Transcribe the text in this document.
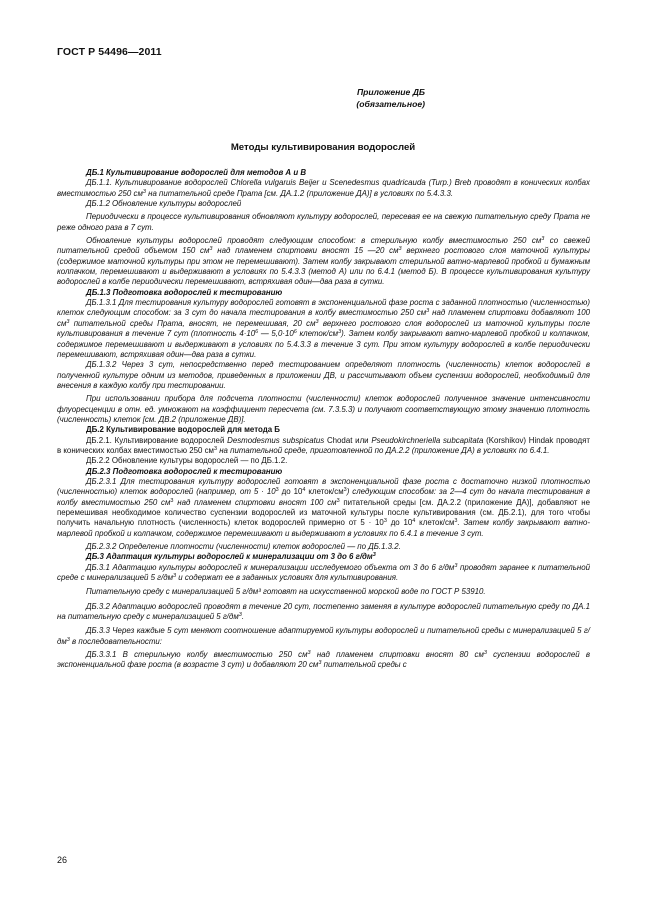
ГОСТ Р 54496—2011
Приложение ДБ
(обязательное)
Методы культивирования водорослей

ДБ.1 Культивирование водорослей для методов А и В

ДБ.1.1. Культивирование водорослей Chlorella vulgaruis Beijer и Scenedesmus quadricauda (Turp.) Breb проводят в конических колбах вместимостью 250 $см^3$ на питательной среде Прата [см. ДА.1.2 (приложение ДА)] в условиях по 5.4.3.3.

ДБ.1.2 Обновление культуры водорослей

Периодически в процессе культивирования обновляют культуру водорослей, пересевая ее на свежую питательную среду Прата не реже одного раза в 7 сут.

Обновление культуры водорослей проводят следующим способом: в стерильную колбу вместимостью 250 $см^3$ со свежей питательной средой объемом 150 $см^3$ над пламенем спиртовки вносят 15 —20 $см^3$ верхнего ростового слоя маточной культуры (содержимое маточной культуры при этом не перемешивают). Затем колбу закрывают стерильной ватно-марлевой пробкой и бумажным колпачком, перемешивают и выдерживают в условиях по 5.4.3.3 (метод А) или по 6.4.1 (метод Б). В процессе культивирования культуру водорослей в колбе периодически перемешивают, встряхивая один—два раза в сутки.

ДБ.1.3 Подготовка водорослей к тестированию

ДБ.1.3.1 Для тестирования культуру водорослей готовят в экспоненциальной фазе роста с заданной плотностью (численностью) клеток следующим способом: за 3 сут до начала тестирования в колбу вместимостью 250 $см^3$ над пламенем спиртовки добавляют 100 $см^3$ питательной среды Прата, вносят, не перемешивая, 20 $см^3$ верхнего ростового слоя водорослей из маточной культуры после культивирования в течение 7 сут (плотность $4\cdot 10^6$ — $5,0\cdot 10^6$ клеток/$см^3$). Затем колбу закрывают ватно-марлевой пробкой и колпачком, содержимое перемешивают и выдерживают в условиях по 5.4.3.3 в течение 3 сут. При этом культуру водорослей в колбе периодически перемешивают, встряхивая один—два раза в сутки.

ДБ.1.3.2 Через 3 сут, непосредственно перед тестированием определяют плотность (численность) клеток водорослей в полученной культуре одним из методов, приведенных в приложении ДВ, и рассчитывают объем суспензии водорослей, необходимый для внесения в каждую колбу при тестировании.

При использовании прибора для подсчета плотности (численности) клеток водорослей полученное значение интенсивности флуоресценции в отн. ед. умножают на коэффициент пересчета (см. 7.3.5.3) и получают соответствующую этому значению плотность (численность) клеток [см. ДВ.2 (приложение ДВ)].

ДБ.2 Культивирование водорослей для метода Б

ДБ.2.1. Культивирование водорослей Desmodesmus subspicatus Chodat или Pseudokirchneriella subcapitata (Korshikov) Hindak проводят в конических колбах вместимостью 250 $см^3$ на питательной среде, приготовленной по ДА.2.2 (приложение ДА) в условиях по 6.4.1.

ДБ.2.2 Обновление культуры водорослей — по ДБ.1.2.

ДБ.2.3 Подготовка водорослей к тестированию

ДБ.2.3.1 Для тестирования культуру водорослей готовят в экспоненциальной фазе роста с достаточно низкой плотностью (численностью) клеток водорослей (например, от $5 \cdot 10^3$ до $10^4$ клеток/$см^3$) следующим способом: за 2—4 сут до начала тестирования в колбу вместимостью 250 $см^3$ над пламенем спиртовки вносят 100 $см^3$ питательной среды [см. ДА.2.2 (приложение ДА)], добавляют не перемешивая необходимое количество суспензии водорослей из маточной культуры после культивирования (см. ДБ.2.1), для того чтобы получить начальную плотность (численность) клеток водорослей примерно от $5 \cdot 10^3$ до $10^4$ клеток/$см^3$. Затем колбу закрывают ватно-марлевой пробкой и колпачком, содержимое перемешивают и выдерживают в условиях по 6.4.1 в течение 3 сут.

ДБ.2.3.2 Определение плотности (численности) клеток водорослей — по ДБ.1.3.2.

ДБ.3 Адаптация культуры водорослей к минерализации от 3 до 6 $г/дм^3$

ДБ.3.1 Адаптацию культуры водорослей к минерализации исследуемого объекта от 3 до 6 $г/дм^3$ проводят заранее к питательной среде с минерализацией 5 $г/дм^3$ и содержат ее в заданных условиях для культивирования.

Питательную среду с минерализацией 5 г/дм³ готовят на искусственной морской воде по ГОСТ Р 53910.

ДБ.3.2 Адаптацию водорослей проводят в течение 20 сут, постепенно заменяя в культуре водорослей питательную среду по ДА.1 на питательную среду с минерализацией 5 $г/дм^3$.

ДБ.3.3 Через каждые 5 сут меняют соотношение адаптируемой культуры водорослей и питательной среды с минерализацией 5 $г/дм^3$ в последовательности:

ДБ.3.3.1 В стерильную колбу вместимостью 250 $см^3$ над пламенем спиртовки вносят 80 $см^3$ суспензии водорослей в экспоненциальной фазе роста (в возрасте 3 сут) и добавляют 20 $см^3$ питательной среды с

26
